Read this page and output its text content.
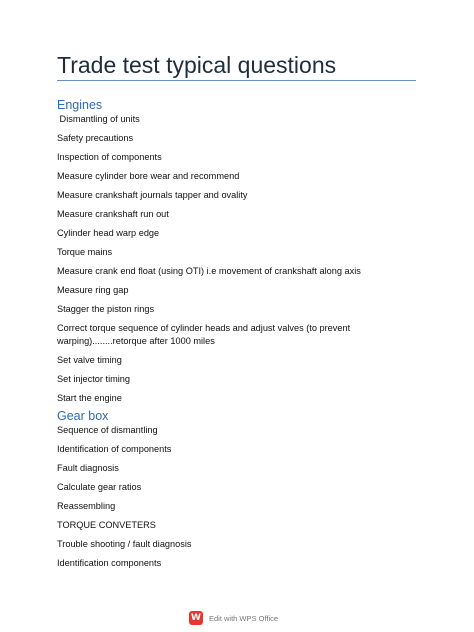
Trade test typical questions

Engines

Dismantling of units

Safety precautions

Inspection of components

Measure cylinder bore wear and recommend

Measure crankshaft journals tapper and ovality

Measure crankshaft run out

Cylinder head warp edge

Torque mains

Measure crank end float (using OTI) i.e movement of crankshaft along axis

Measure ring gap

Stagger the piston rings

Correct torque sequence of cylinder heads and adjust valves (to prevent warping)........retorque after 1000 miles

Set valve timing

Set injector timing

Start the engine

Gear box

Sequence of dismantling

Identification of components

Fault diagnosis

Calculate gear ratios

Reassembling

TORQUE CONVETERS

Trouble shooting / fault diagnosis

Identification components

W Edit with WPS Office
